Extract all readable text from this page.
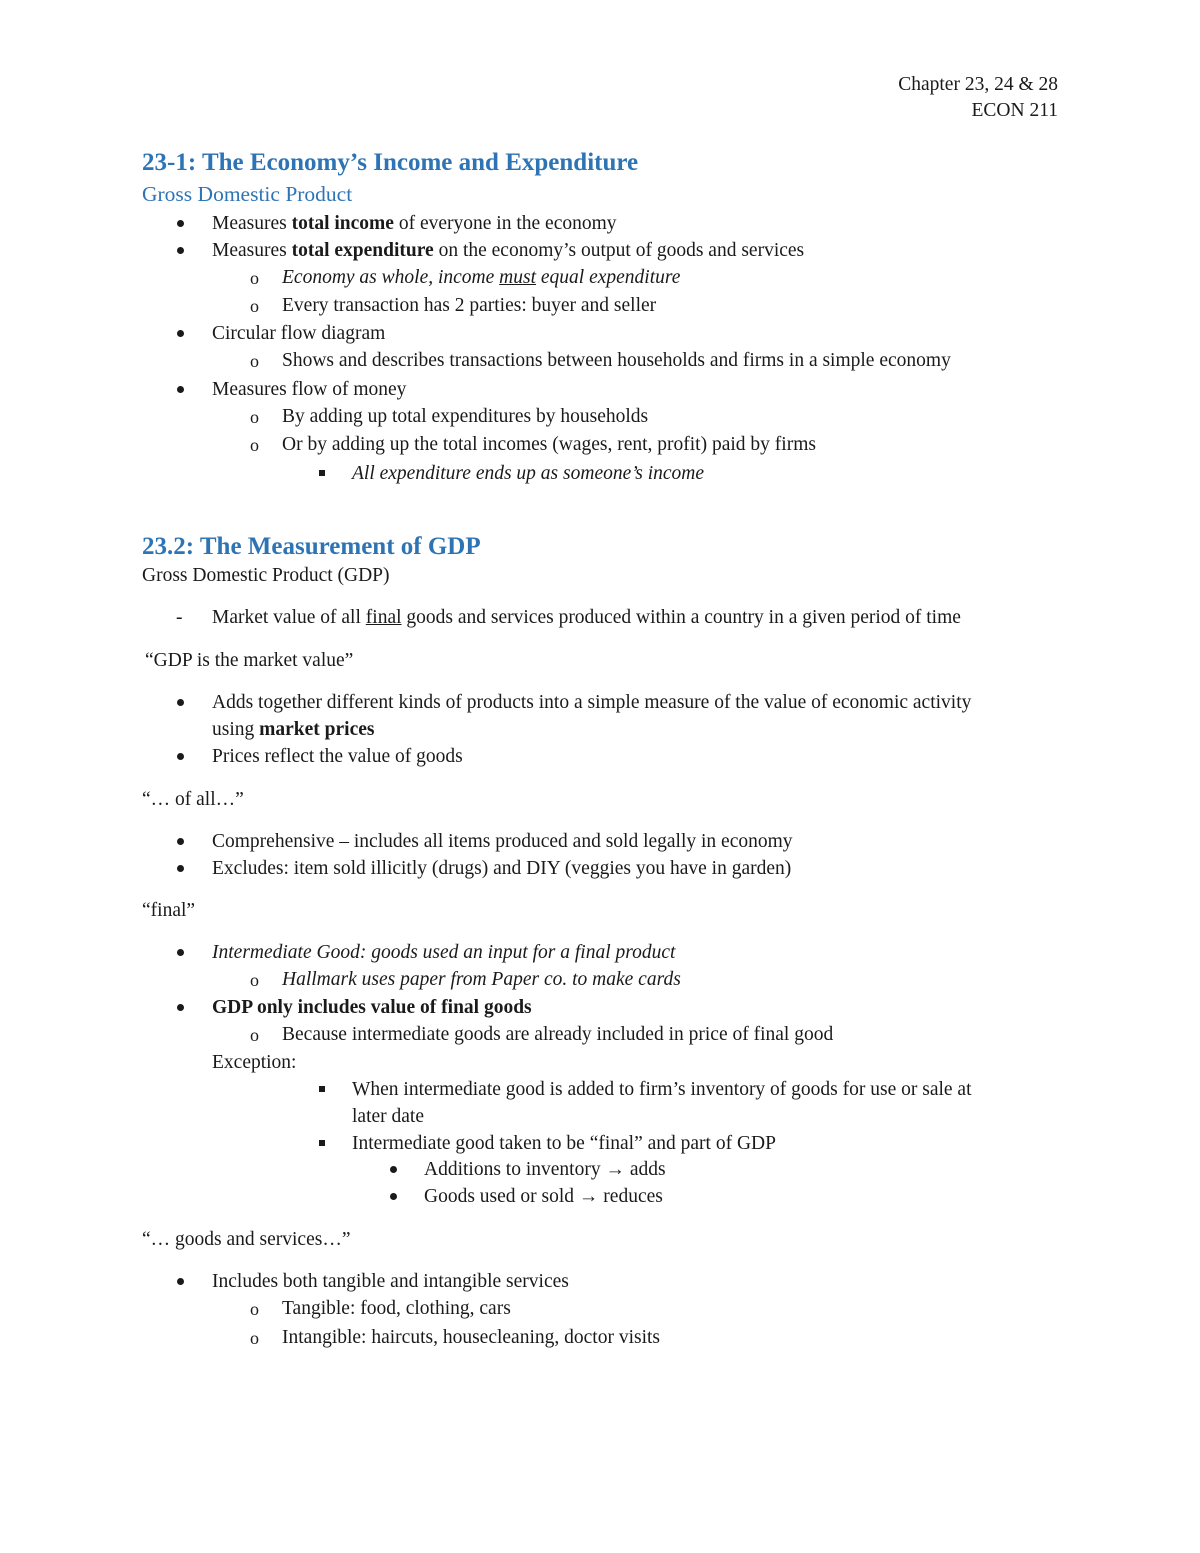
Chapter 23, 24 & 28
ECON 211
23-1: The Economy’s Income and Expenditure
Gross Domestic Product
Measures total income of everyone in the economy
Measures total expenditure on the economy’s output of goods and services
o Economy as whole, income must equal expenditure
o Every transaction has 2 parties: buyer and seller
Circular flow diagram
o Shows and describes transactions between households and firms in a simple economy
Measures flow of money
o By adding up total expenditures by households
o Or by adding up the total incomes (wages, rent, profit) paid by firms
All expenditure ends up as someone’s income
23.2: The Measurement of GDP
Gross Domestic Product (GDP)
- Market value of all final goods and services produced within a country in a given period of time
“GDP is the market value”
Adds together different kinds of products into a simple measure of the value of economic activity
using market prices
Prices reflect the value of goods
“… of all…”
Comprehensive – includes all items produced and sold legally in economy
Excludes: item sold illicitly (drugs) and DIY (veggies you have in garden)
“final”
Intermediate Good: goods used an input for a final product
o Hallmark uses paper from Paper co. to make cards
GDP only includes value of final goods
o Because intermediate goods are already included in price of final good
Exception:
When intermediate good is added to firm’s inventory of goods for use or sale at
later date
Intermediate good taken to be “final” and part of GDP
Additions to inventory → adds
Goods used or sold → reduces
“… goods and services…”
Includes both tangible and intangible services
o Tangible: food, clothing, cars
o Intangible: haircuts, housecleaning, doctor visits
